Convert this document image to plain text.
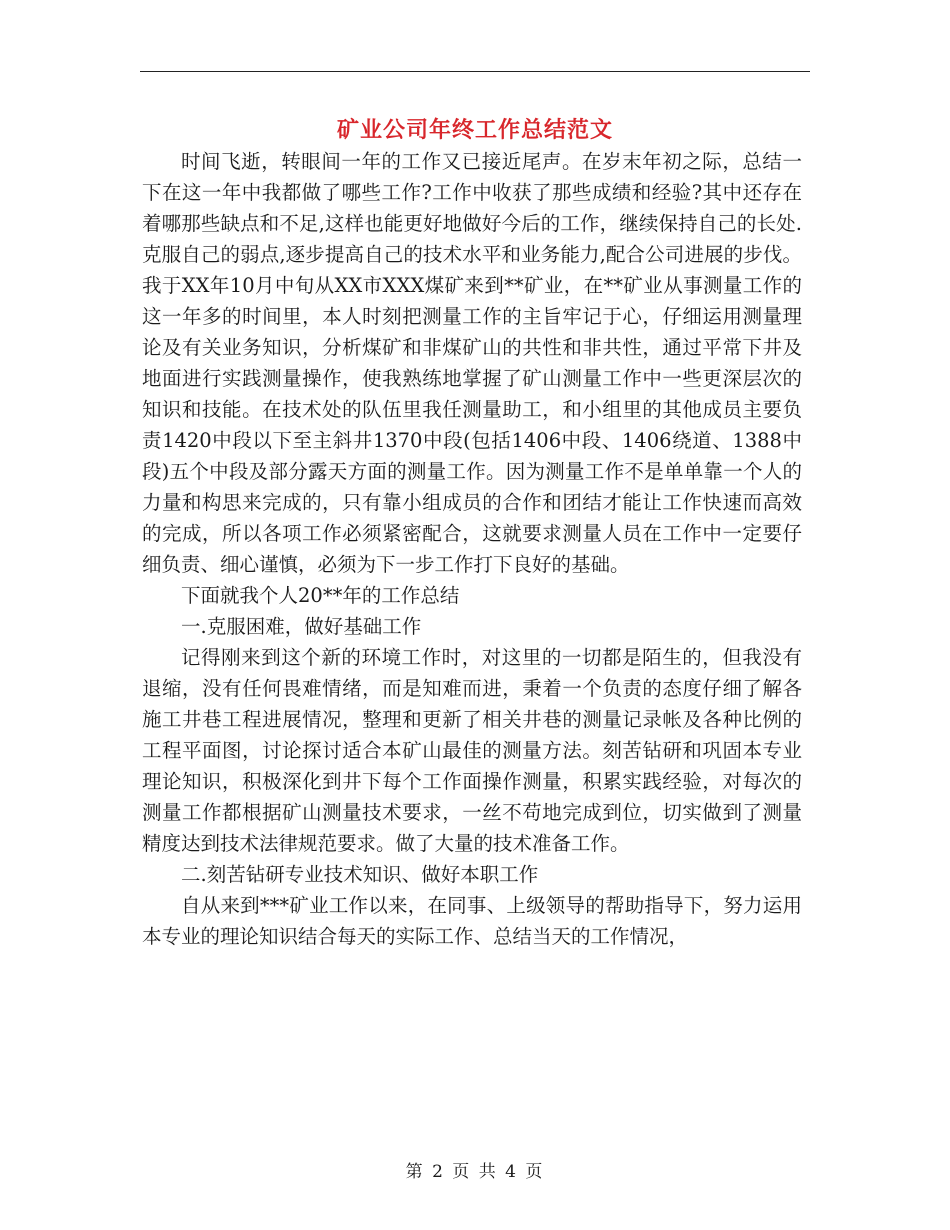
矿业公司年终工作总结范文

时间飞逝，转眼间一年的工作又已接近尾声。在岁末年初之际，总结一下在这一年中我都做了哪些工作?工作中收获了那些成绩和经验?其中还存在着哪那些缺点和不足,这样也能更好地做好今后的工作，继续保持自己的长处.克服自己的弱点,逐步提高自己的技术水平和业务能力,配合公司进展的步伐。 我于XX年10月中旬从XX市XXX煤矿来到**矿业，在**矿业从事测量工作的这一年多的时间里，本人时刻把测量工作的主旨牢记于心，仔细运用测量理论及有关业务知识，分析煤矿和非煤矿山的共性和非共性，通过平常下井及地面进行实践测量操作，使我熟练地掌握了矿山测量工作中一些更深层次的知识和技能。在技术处的队伍里我任测量助工，和小组里的其他成员主要负责1420中段以下至主斜井1370中段(包括1406中段、1406绕道、1388中段)五个中段及部分露天方面的测量工作。因为测量工作不是单单靠一个人的力量和构思来完成的，只有靠小组成员的合作和团结才能让工作快速而高效的完成，所以各项工作必须紧密配合，这就要求测量人员在工作中一定要仔细负责、细心谨慎，必须为下一步工作打下良好的基础。

下面就我个人20**年的工作总结

一.克服困难，做好基础工作

记得刚来到这个新的环境工作时，对这里的一切都是陌生的，但我没有退缩，没有任何畏难情绪，而是知难而进，秉着一个负责的态度仔细了解各施工井巷工程进展情况，整理和更新了相关井巷的测量记录帐及各种比例的工程平面图，讨论探讨适合本矿山最佳的测量方法。刻苦钻研和巩固本专业理论知识，积极深化到井下每个工作面操作测量，积累实践经验，对每次的测量工作都根据矿山测量技术要求，一丝不苟地完成到位，切实做到了测量精度达到技术法律规范要求。做了大量的技术准备工作。

二.刻苦钻研专业技术知识、做好本职工作

自从来到***矿业工作以来，在同事、上级领导的帮助指导下，努力运用本专业的理论知识结合每天的实际工作、总结当天的工作情况，

第 2 页 共 4 页
